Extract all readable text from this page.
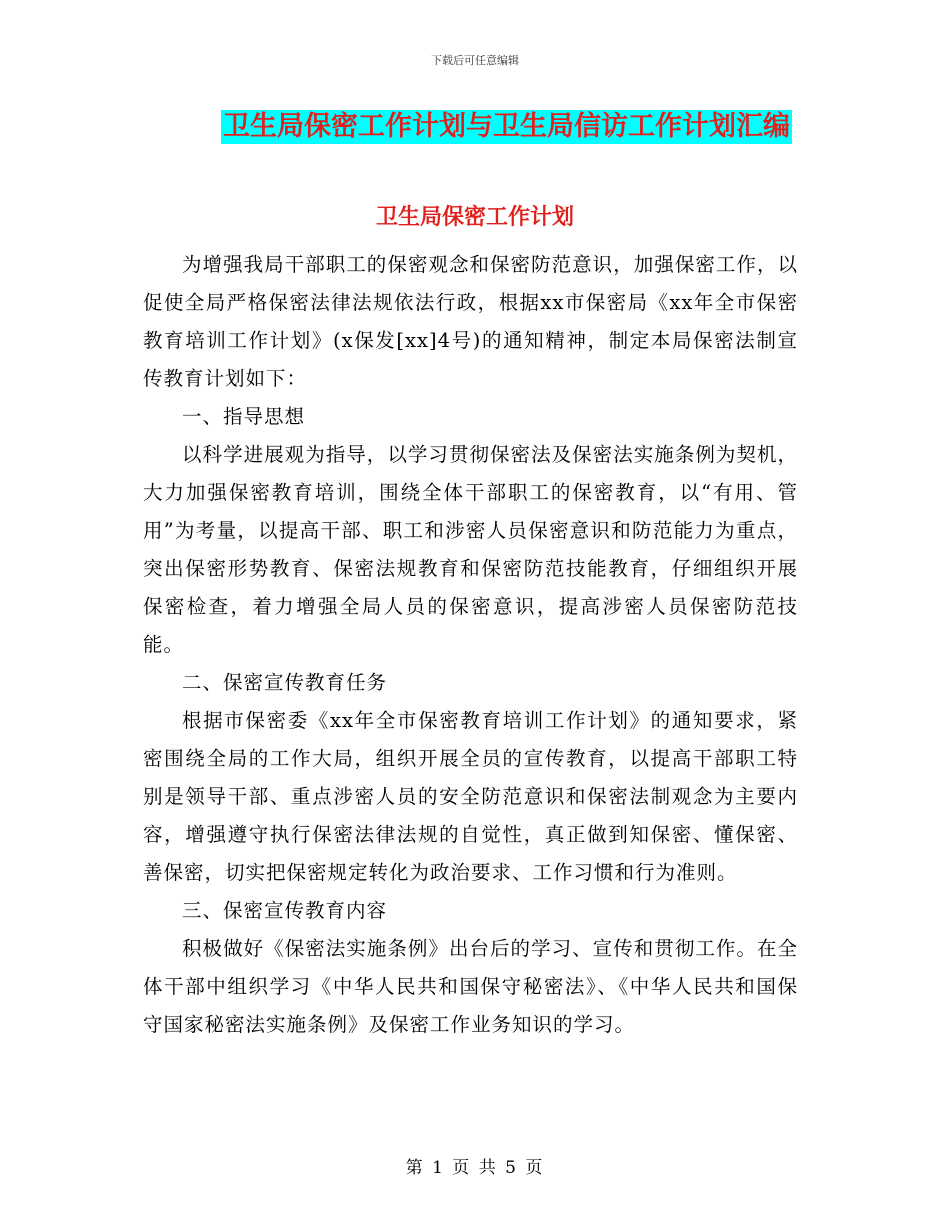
下载后可任意编辑
卫生局保密工作计划与卫生局信访工作计划汇编
卫生局保密工作计划

为增强我局干部职工的保密观念和保密防范意识，加强保密工作，以促使全局严格保密法律法规依法行政，根据xx市保密局《xx年全市保密教育培训工作计划》(x保发[xx]4号)的通知精神，制定本局保密法制宣传教育计划如下：

一、指导思想

以科学进展观为指导，以学习贯彻保密法及保密法实施条例为契机，大力加强保密教育培训，围绕全体干部职工的保密教育，以“有用、管用”为考量，以提高干部、职工和涉密人员保密意识和防范能力为重点，突出保密形势教育、保密法规教育和保密防范技能教育，仔细组织开展保密检查，着力增强全局人员的保密意识，提高涉密人员保密防范技能。

二、保密宣传教育任务

根据市保密委《xx年全市保密教育培训工作计划》的通知要求，紧密围绕全局的工作大局，组织开展全员的宣传教育，以提高干部职工特别是领导干部、重点涉密人员的安全防范意识和保密法制观念为主要内容，增强遵守执行保密法律法规的自觉性，真正做到知保密、懂保密、善保密，切实把保密规定转化为政治要求、工作习惯和行为准则。

三、保密宣传教育内容

积极做好《保密法实施条例》出台后的学习、宣传和贯彻工作。在全体干部中组织学习《中华人民共和国保守秘密法》、《中华人民共和国保守国家秘密法实施条例》及保密工作业务知识的学习。

第 1 页 共 5 页
